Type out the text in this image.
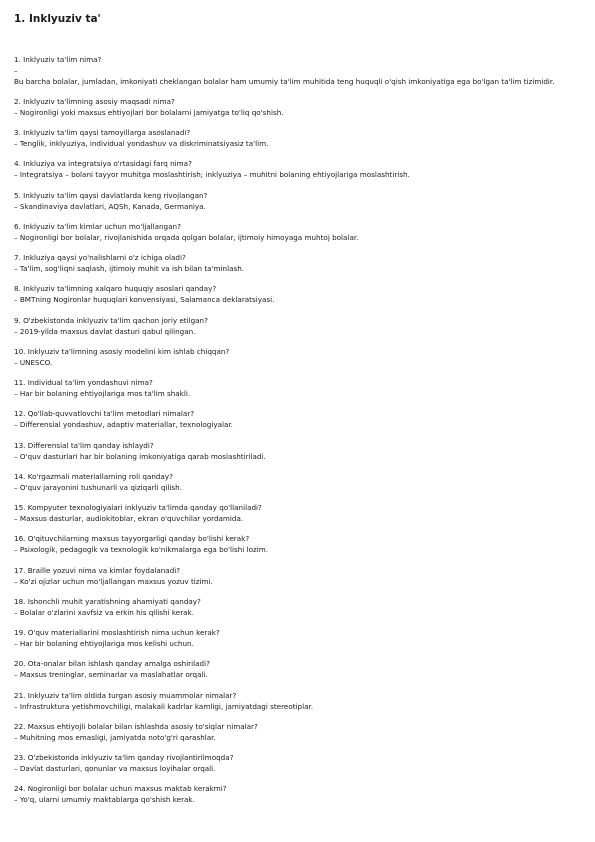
1. Inklyuziv ta'
1. Inklyuziv ta'lim nima?
–
Bu barcha bolalar, jumladan, imkoniyati cheklangan bolalar ham umumiy ta'lim muhitida teng huquqli o'qish imkoniyatiga ega bo'lgan ta'lim tizimidir.
2. Inklyuziv ta'limning asosiy maqsadi nima?
– Nogironligi yoki maxsus ehtiyojlari bor bolalarni jamiyatga to'liq qo'shish.
3. Inklyuziv ta'lim qaysi tamoyillarga asoslanadi?
– Tenglik, inklyuziya, individual yondashuv va diskriminatsiyasiz ta'lim.
4. Inkluziya va integratsiya o'rtasidagi farq nima?
– Integratsiya – bolani tayyor muhitga moslashtirish; inklyuziya – muhitni bolaning ehtiyojlariga moslashtirish.
5. Inklyuziv ta'lim qaysi davlatlarda keng rivojlangan?
– Skandinaviya davlatlari, AQSh, Kanada, Germaniya.
6. Inklyuziv ta'lim kimlar uchun mo'ljallangan?
– Nogironligi bor bolalar, rivojlanishida orqada qolgan bolalar, ijtimoiy himoyaga muhtoj bolalar.
7. Inkluziya qaysi yo'nalishlarni o'z ichiga oladi?
– Ta'lim, sog'liqni saqlash, ijtimoiy muhit va ish bilan ta'minlash.
8. Inklyuziv ta'limning xalqaro huquqiy asoslari qanday?
– BMTning Nogironlar huquqlari konvensiyasi, Salamanca deklaratsiyasi.
9. O'zbekistonda inklyuziv ta'lim qachon joriy etilgan?
– 2019-yilda maxsus davlat dasturi qabul qilingan.
10. Inklyuziv ta'limning asosiy modelini kim ishlab chiqqan?
– UNESCO.
11. Individual ta'lim yondashuvi nima?
– Har bir bolaning ehtiyojlariga mos ta'lim shakli.
12. Qo'llab-quvvatlovchi ta'lim metodlari nimalar?
– Differensial yondashuv, adaptiv materiallar, texnologiyalar.
13. Differensial ta'lim qanday ishlaydi?
– O'quv dasturlari har bir bolaning imkoniyatiga qarab moslashtiriladi.
14. Ko'rgazmali materiallarning roli qanday?
– O'quv jarayonini tushunarli va qiziqarli qilish.
15. Kompyuter texnologiyalari inklyuziv ta'limda qanday qo'llaniladi?
– Maxsus dasturlar, audiokitoblar, ekran o'quvchilar yordamida.
16. O'qituvchilarning maxsus tayyorgarligi qanday bo'lishi kerak?
– Psixologik, pedagogik va texnologik ko'nikmalarga ega bo'lishi lozim.
17. Braille yozuvi nima va kimlar foydalanadi?
– Ko'zi ojizlar uchun mo'ljallangan maxsus yozuv tizimi.
18. Ishonchli muhit yaratishning ahamiyati qanday?
– Bolalar o'zlarini xavfsiz va erkin his qilishi kerak.
19. O'quv materiallarini moslashtirish nima uchun kerak?
– Har bir bolaning ehtiyojlariga mos kelishi uchun.
20. Ota-onalar bilan ishlash qanday amalga oshiriladi?
– Maxsus treninglar, seminarlar va maslahatlar orqali.
21. Inklyuziv ta'lim oldida turgan asosiy muammolar nimalar?
– Infrastruktura yetishmovchiligi, malakali kadrlar kamligi, jamiyatdagi stereotiplar.
22. Maxsus ehtiyojli bolalar bilan ishlashda asosiy to'siqlar nimalar?
– Muhitning mos emasligi, jamiyatda noto'g'ri qarashlar.
23. O'zbekistonda inklyuziv ta'lim qanday rivojlantirilmoqda?
– Davlat dasturlari, qonunlar va maxsus loyihalar orqali.
24. Nogironligi bor bolalar uchun maxsus maktab kerakmi?
– Yo'q, ularni umumiy maktablarga qo'shish kerak.
